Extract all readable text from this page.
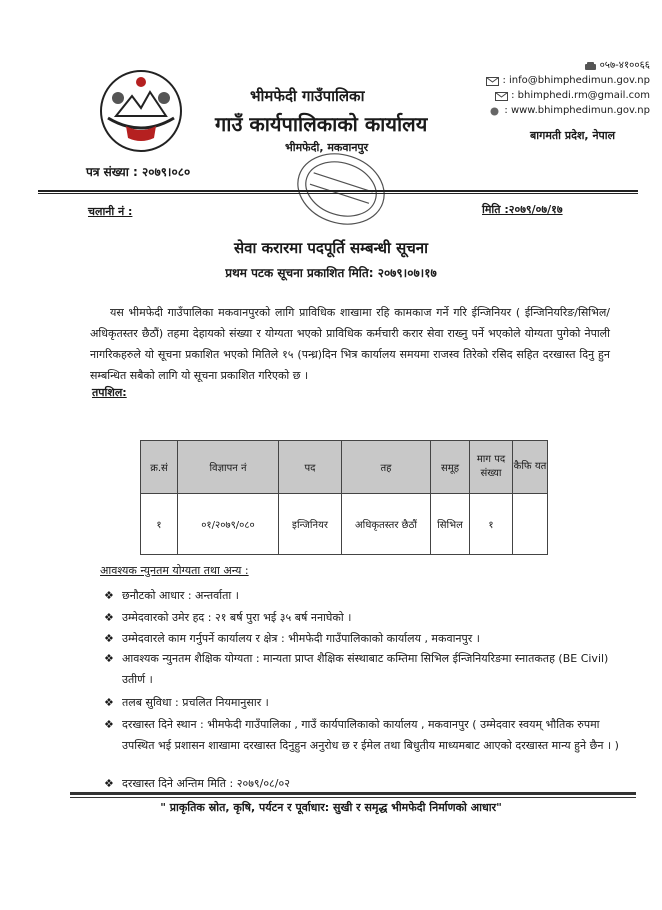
भीमफेदी गाउँपालिका
गाउँ कार्यपालिकाको कार्यालय
भीमफेदी, मकवानपुर
पत्र संख्या : २०७९।०८०
०५७-४१००६६
: info@bhimphedimun.gov.np
: bhimphedi.rm@gmail.com
: www.bhimphedimun.gov.np
बागमती प्रदेश, नेपाल
चलानी नं :	मिति :२०७९/०७/१७
सेवा करारमा पदपूर्ति सम्बन्धी सूचना
प्रथम पटक सूचना प्रकाशित मिति: २०७९।०७।१७
यस भीमफेदी गाउँपालिका मकवानपुरको लागि प्राविधिक शाखामा रहि कामकाज गर्ने गरि ईन्जिनियर ( ईन्जिनियरिङ/सिभिल/अधिकृतस्तर छैठौं) तहमा देहायको संख्या र योग्यता भएको प्राविधिक कर्मचारी करार सेवा राख्नु पर्ने भएकोले योग्यता पुगेको नेपाली नागरिकहरुले यो सूचना प्रकाशित भएको मितिले १५ (पन्ध्र)दिन भित्र कार्यालय समयमा राजस्व तिरेको रसिद सहित दरखास्त दिनु हुन सम्बन्धित सबैको लागि यो सूचना प्रकाशित गरिएको छ ।
तपशिल:
क्र.सं	विज्ञापन नं	पद	तह	समूह	माग पद संख्या	कैफि यत
१	०१/२०७९/०८०	इन्जिनियर	अधिकृतस्तर छैठौं	सिभिल	१	
आवश्यक न्युनतम योग्यता तथा अन्य :
❖ छनौटको आधार : अन्तर्वाता ।
❖ उम्मेदवारको उमेर हद : २१ बर्ष पुरा भई ३५ बर्ष ननाघेको ।
❖ उम्मेदवारले काम गर्नुपर्ने कार्यालय र क्षेत्र : भीमफेदी गाउँपालिकाको कार्यालय , मकवानपुर ।
❖ आवश्यक न्युनतम शैक्षिक योग्यता : मान्यता प्राप्त शैक्षिक संस्थाबाट कम्तिमा सिभिल ईन्जिनियरिङमा स्नातकतह (BE Civil) उतीर्ण ।
❖ तलब सुविधा : प्रचलित नियमानुसार ।
❖ दरखास्त दिने स्थान : भीमफेदी गाउँपालिका , गाउँ कार्यपालिकाको कार्यालय , मकवानपुर ( उम्मेदवार स्वयम् भौतिक रुपमा उपस्थित भई प्रशासन शाखामा दरखास्त दिनुहुन अनुरोध छ र ईमेल तथा बिधुतीय माध्यमबाट आएको दरखास्त मान्य हुने छैन । )
❖ दरखास्त दिने अन्तिम मिति : २०७९/०८/०२
" प्राकृतिक स्रोत, कृषि, पर्यटन र पूर्वाधार: सुखी र समृद्ध भीमफेदी निर्माणको आधार"
